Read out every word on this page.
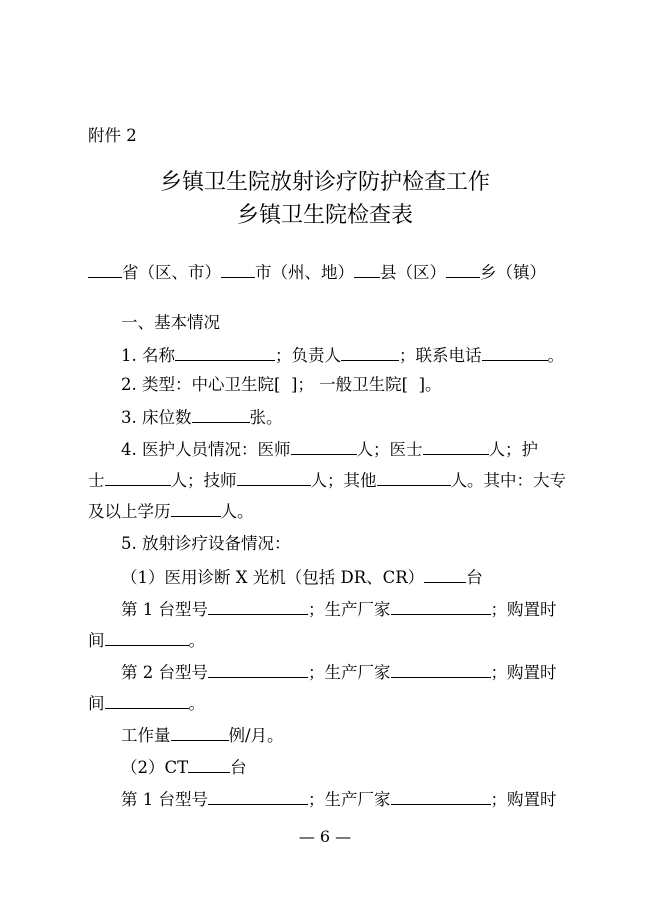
附件 2
乡镇卫生院放射诊疗防护检查工作
乡镇卫生院检查表
省（区、市） 市（州、地） 县（区） 乡（镇）
一、基本情况
1. 名称	；负责人	；联系电话	。
2. 类型：中心卫生院[ ]； 一般卫生院[ ]。
3. 床位数	张。
4. 医护人员情况：医师	人；医士	人；护
士	人；技师	人；其他	人。其中：大专
及以上学历	人。
5. 放射诊疗设备情况：
（1）医用诊断 X 光机（包括 DR、CR）	台
第 1 台型号	；生产厂家	；购置时
间	。
第 2 台型号	；生产厂家	；购置时
间	。
工作量	例/月。
（2）CT	台
第 1 台型号	；生产厂家	；购置时
— 6 —
